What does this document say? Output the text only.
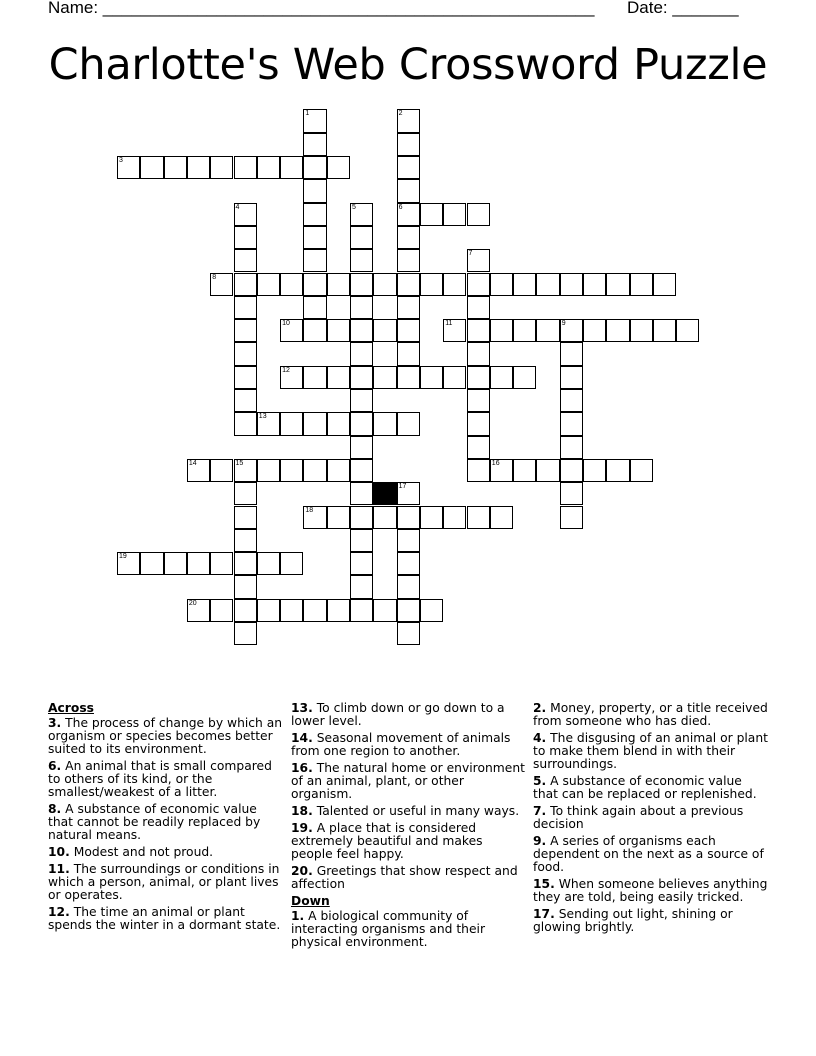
Name: ____________________________________________________ Date: _______
Charlotte's Web Crossword Puzzle
3
6
8
10	11	9
12
13
14	15	16
18
19
20
1	2
4	5
7
17
Across
3. The process of change by which an organism or species becomes better suited to its environment.
6. An animal that is small compared to others of its kind, or the smallest/weakest of a litter.
8. A substance of economic value that cannot be readily replaced by natural means.
10. Modest and not proud.
11. The surroundings or conditions in which a person, animal, or plant lives or operates.
12. The time an animal or plant spends the winter in a dormant state.
13. To climb down or go down to a lower level.
14. Seasonal movement of animals from one region to another.
16. The natural home or environment of an animal, plant, or other organism.
18. Talented or useful in many ways.
19. A place that is considered extremely beautiful and makes people feel happy.
20. Greetings that show respect and affection
Down
1. A biological community of interacting organisms and their physical environment.
2. Money, property, or a title received from someone who has died.
4. The disgusing of an animal or plant to make them blend in with their surroundings.
5. A substance of economic value that can be replaced or replenished.
7. To think again about a previous decision
9. A series of organisms each dependent on the next as a source of food.
15. When someone believes anything they are told, being easily tricked.
17. Sending out light, shining or glowing brightly.
